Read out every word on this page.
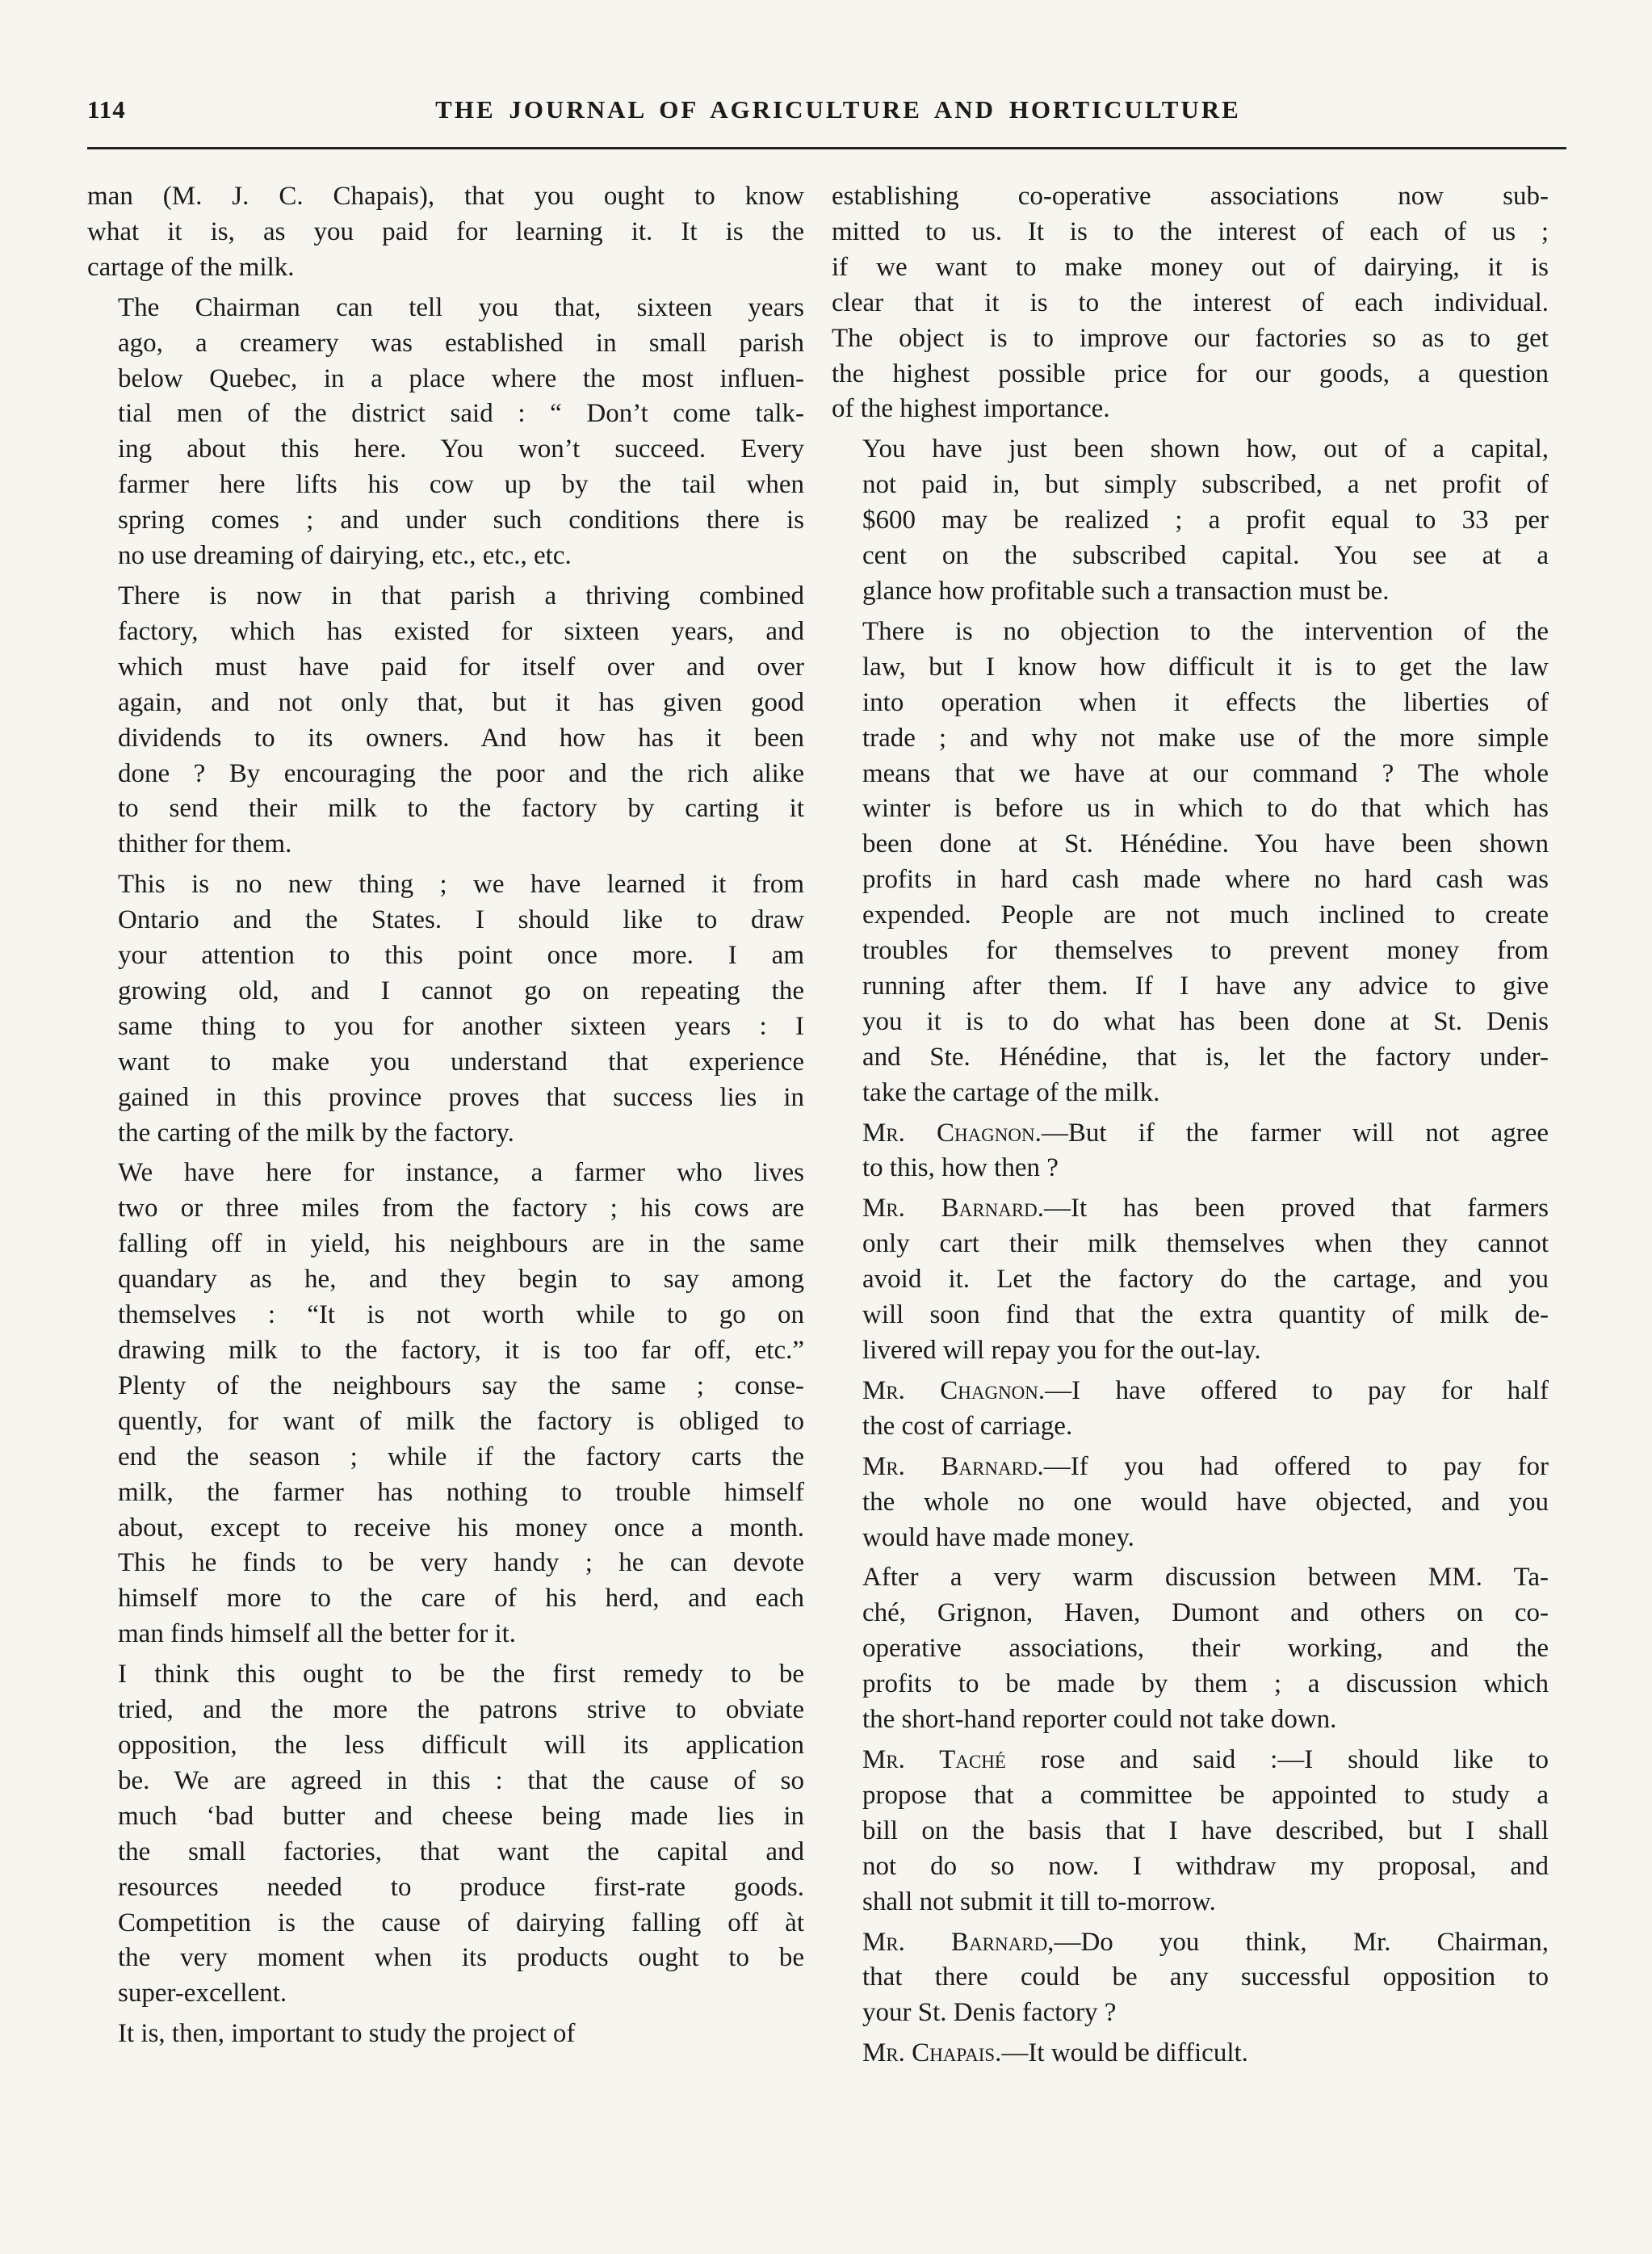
114	THE JOURNAL OF AGRICULTURE AND HORTICULTURE

man (M. J. C. Chapais), that you ought to know
what it is, as you paid for learning it. It is the
cartage of the milk.

The Chairman can tell you that, sixteen years
ago, a creamery was established in small parish
below Quebec, in a place where the most influen-
tial men of the district said : “ Don’t come talk-
ing about this here. You won’t succeed. Every
farmer here lifts his cow up by the tail when
spring comes ; and under such conditions there is
no use dreaming of dairying, etc., etc., etc.

There is now in that parish a thriving combined
factory, which has existed for sixteen years, and
which must have paid for itself over and over
again, and not only that, but it has given good
dividends to its owners. And how has it been
done ? By encouraging the poor and the rich alike
to send their milk to the factory by carting it
thither for them.

This is no new thing ; we have learned it from
Ontario and the States. I should like to draw
your attention to this point once more. I am
growing old, and I cannot go on repeating the
same thing to you for another sixteen years : I
want to make you understand that experience
gained in this province proves that success lies in
the carting of the milk by the factory.

We have here for instance, a farmer who lives
two or three miles from the factory ; his cows are
falling off in yield, his neighbours are in the same
quandary as he, and they begin to say among
themselves : “It is not worth while to go on
drawing milk to the factory, it is too far off, etc.”
Plenty of the neighbours say the same ; conse-
quently, for want of milk the factory is obliged to
end the season ; while if the factory carts the
milk, the farmer has nothing to trouble himself
about, except to receive his money once a month.
This he finds to be very handy ; he can devote
himself more to the care of his herd, and each
man finds himself all the better for it.

I think this ought to be the first remedy to be
tried, and the more the patrons strive to obviate
opposition, the less difficult will its application
be. We are agreed in this : that the cause of so
much ‘bad butter and cheese being made lies in
the small factories, that want the capital and
resources needed to produce first-rate goods.
Competition is the cause of dairying falling off àt
the very moment when its products ought to be
super-excellent.

It is, then, important to study the project of

establishing co-operative associations now sub-
mitted to us. It is to the interest of each of us ;
if we want to make money out of dairying, it is
clear that it is to the interest of each individual.
The object is to improve our factories so as to get
the highest possible price for our goods, a question
of the highest importance.

You have just been shown how, out of a capital,
not paid in, but simply subscribed, a net profit of
$600 may be realized ; a profit equal to 33 per
cent on the subscribed capital. You see at a
glance how profitable such a transaction must be.

There is no objection to the intervention of the
law, but I know how difficult it is to get the law
into operation when it effects the liberties of
trade ; and why not make use of the more simple
means that we have at our command ? The whole
winter is before us in which to do that which has
been done at St. Hénédine. You have been shown
profits in hard cash made where no hard cash was
expended. People are not much inclined to create
troubles for themselves to prevent money from
running after them. If I have any advice to give
you it is to do what has been done at St. Denis
and Ste. Hénédine, that is, let the factory under-
take the cartage of the milk.

Mr. Chagnon.—But if the farmer will not agree
to this, how then ?

Mr. Barnard.—It has been proved that farmers
only cart their milk themselves when they cannot
avoid it. Let the factory do the cartage, and you
will soon find that the extra quantity of milk de-
livered will repay you for the out-lay.

Mr. Chagnon.—I have offered to pay for half
the cost of carriage.

Mr. Barnard.—If you had offered to pay for
the whole no one would have objected, and you
would have made money.

After a very warm discussion between MM. Ta-
ché, Grignon, Haven, Dumont and others on co-
operative associations, their working, and the
profits to be made by them ; a discussion which
the short-hand reporter could not take down.

Mr. Taché rose and said :—I should like to
propose that a committee be appointed to study a
bill on the basis that I have described, but I shall
not do so now. I withdraw my proposal, and
shall not submit it till to-morrow.

Mr. Barnard,—Do you think, Mr. Chairman,
that there could be any successful opposition to
your St. Denis factory ?

Mr. Chapais.—It would be difficult.
